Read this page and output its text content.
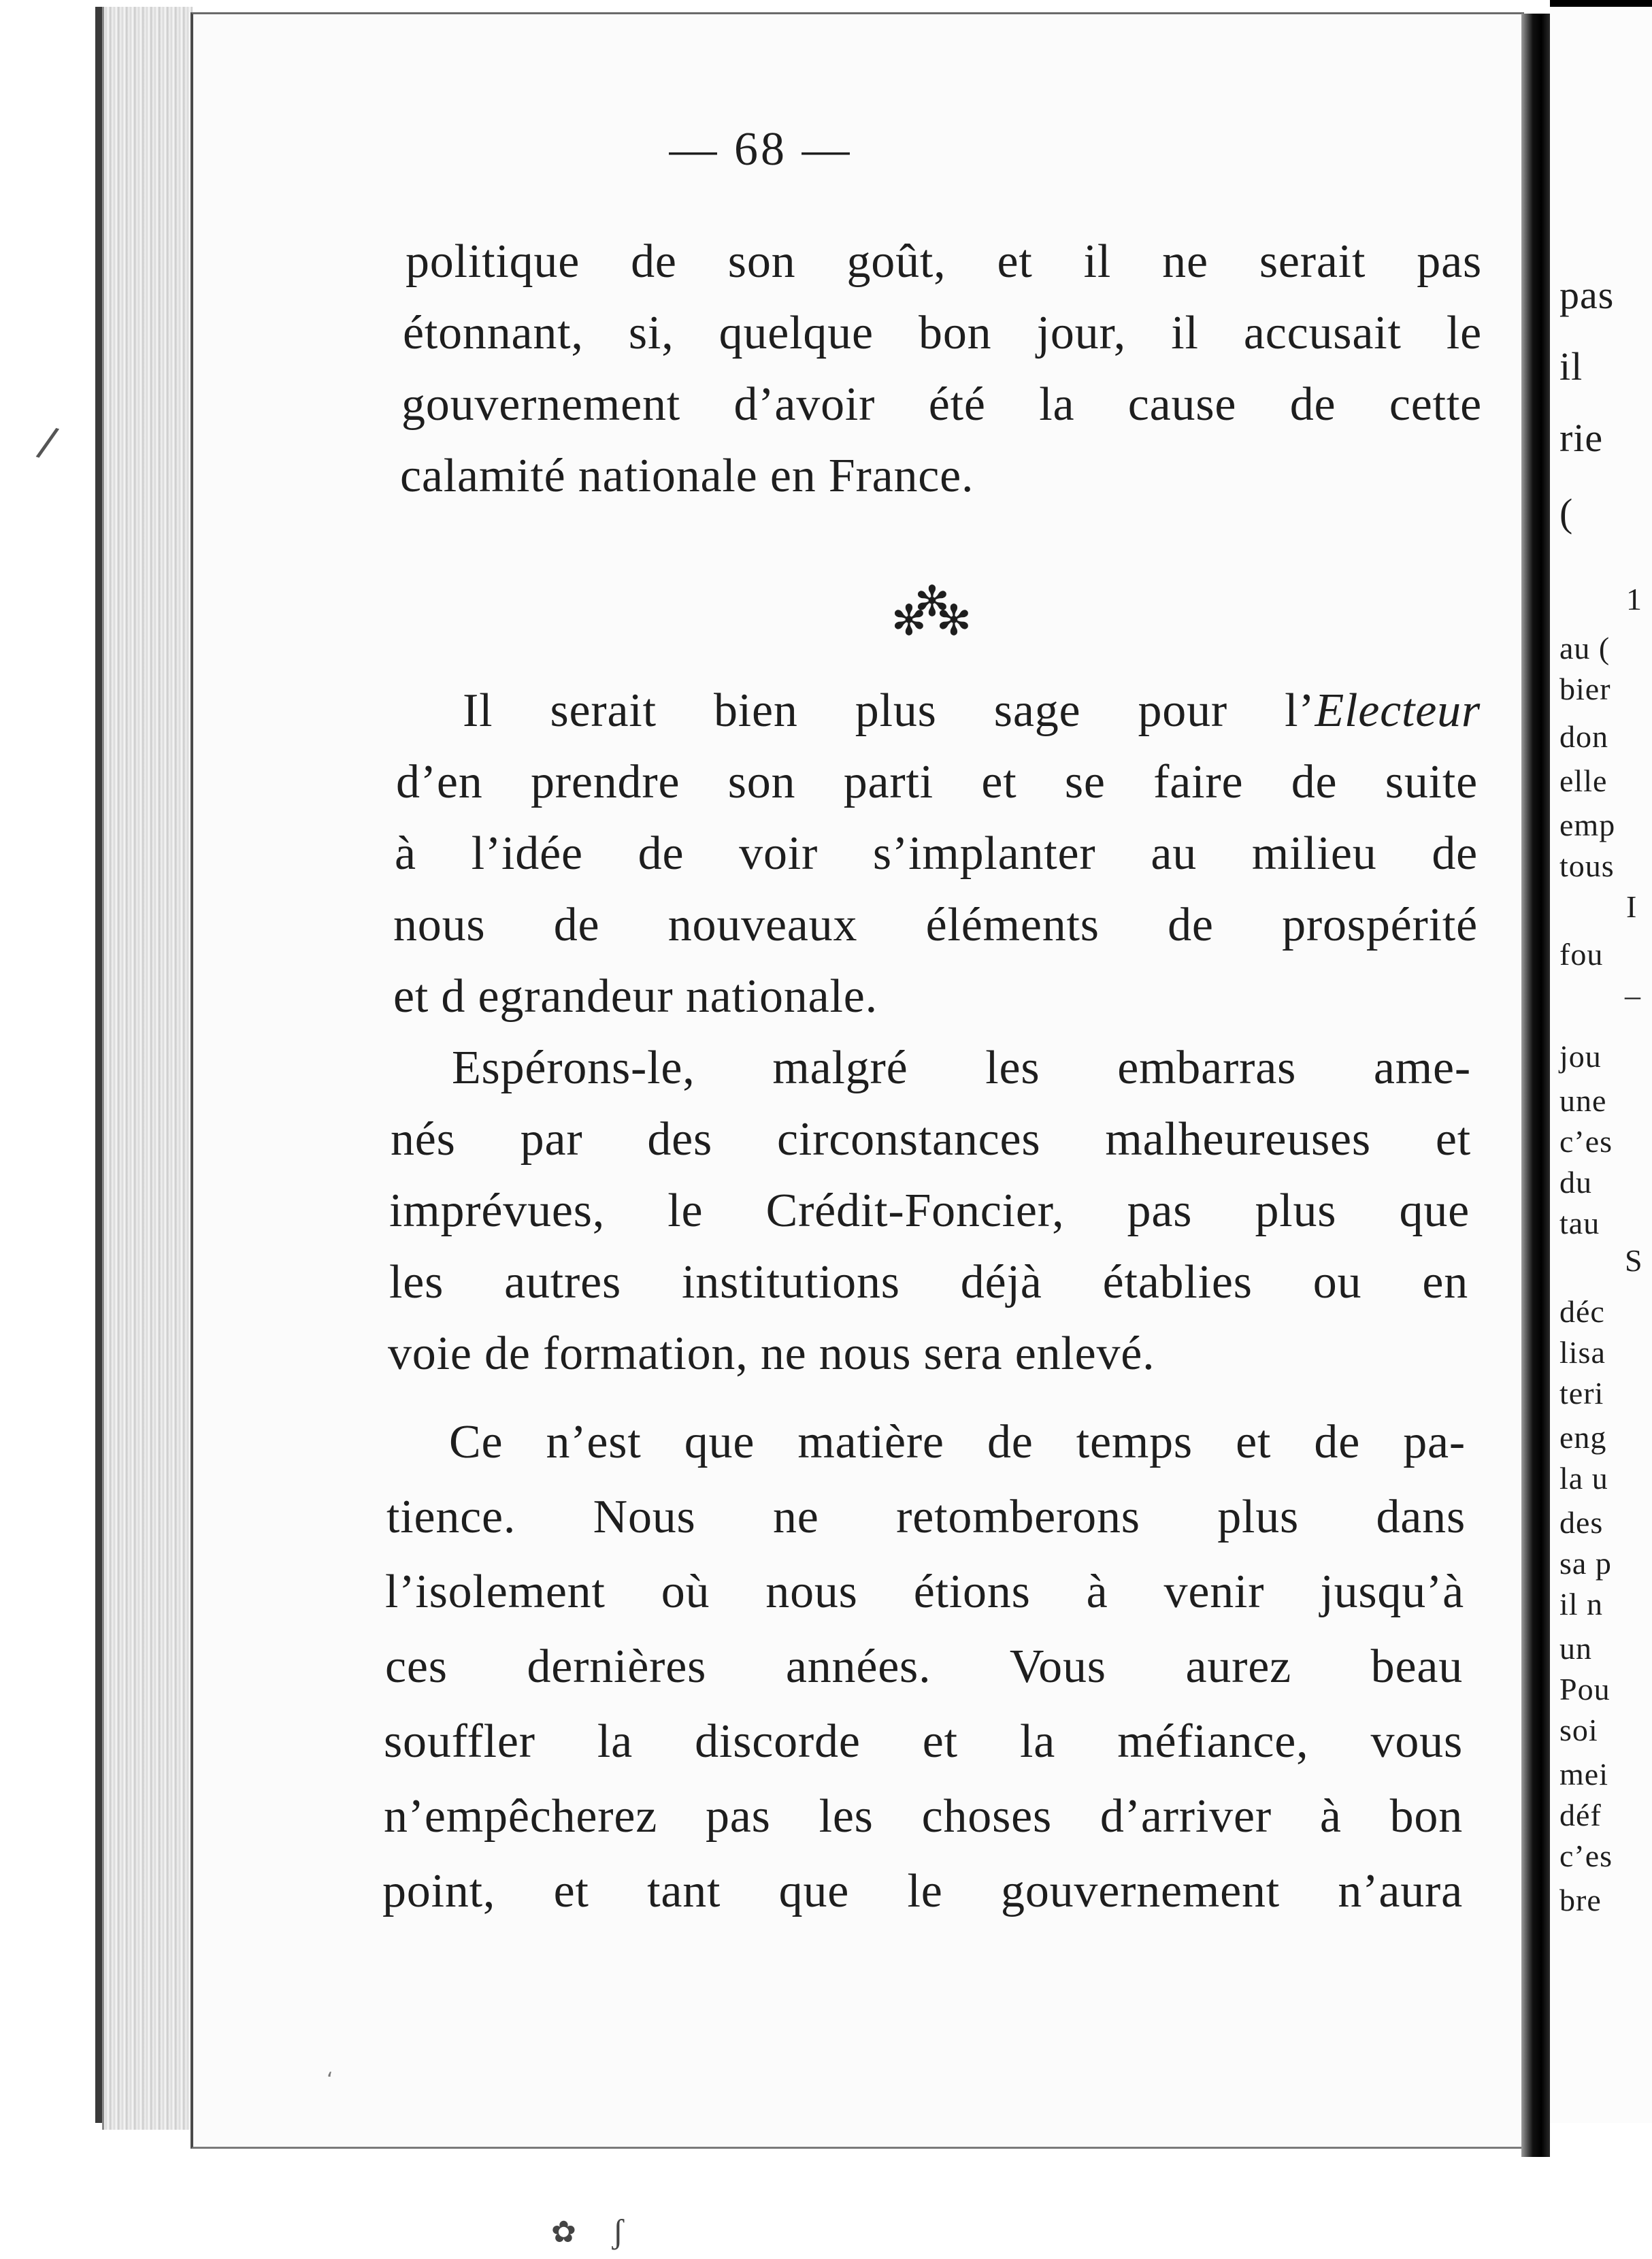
/
— 68 —
politique de son goût, et il ne serait pas
étonnant, si, quelque bon jour, il accusait le
gouvernement d’avoir été la cause de cette
calamité nationale en France.
✻
✻
✻
Il serait bien plus sage pour l’Electeur
d’en prendre son parti et se faire de suite
à l’idée de voir s’implanter au milieu de
nous de nouveaux éléments de prospérité
et d egrandeur nationale.
Espérons-le, malgré les embarras ame-
nés par des circonstances malheureuses et
imprévues, le Crédit-Foncier, pas plus que
les autres institutions déjà établies ou en
voie de formation, ne nous sera enlevé.
Ce n’est que matière de temps et de pa-
tience. Nous ne retomberons plus dans
l’isolement où nous étions à venir jusqu’à
ces dernières années. Vous aurez beau
souffler la discorde et la méfiance, vous
n’empêcherez pas les choses d’arriver à bon
point, et tant que le gouvernement n’aura
‘
pas
il
rie
(
1
au (
bier
don
elle
emp
tous
I
fou
–
jou
une
c’es
du
tau
S
déc
lisa
teri
eng
la u
des
sa p
il n
un
Pou
soi
mei
déf
c’es
bre
✿ ʃ
